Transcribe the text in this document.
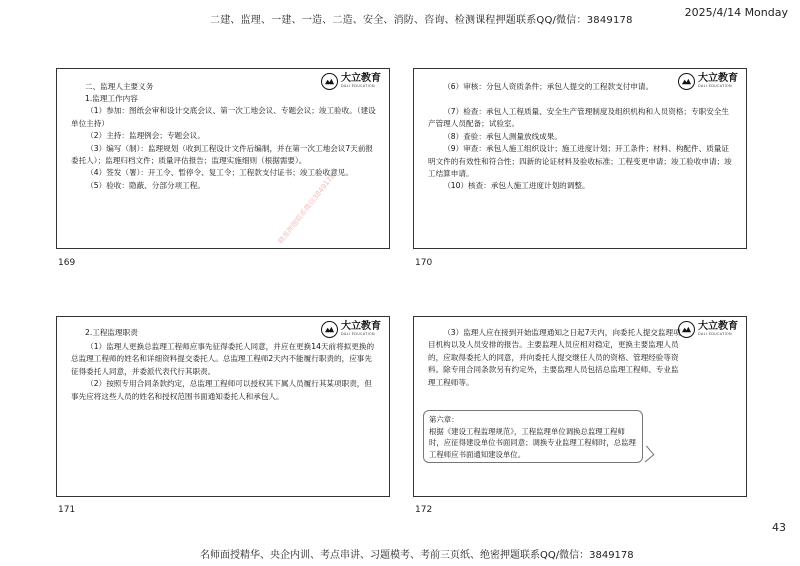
二建、监理、一建、一造、二造、安全、消防、咨询、检测课程押题联系QQ/微信：3849178
2025/4/14 Monday
大立教育
DALI EDUCATION

二、监理人主要义务

1.监理工作内容

（1）参加：图纸会审和设计交底会议、第一次工地会议、专题会议；竣工验收。（建设单位主持）

（2）主持：监理例会；专题会议。

（3）编写（制）：监理规划（收到工程设计文件后编制，并在第一次工地会议7天前报委托人）；监理归档文件；质量评估报告；监理实施细则（根据需要）。

（4）签发（署）：开工令、暂停令、复工令；工程款支付证书；竣工验收意见。

（5）验收：隐蔽、分部分项工程。

169
精准押题联系微信3849178
大立教育
DALI EDUCATION

（6）审核：分包人资质条件；承包人提交的工程款支付申请。

（7）检查：承包人工程质量、安全生产管理制度及组织机构和人员资格；专职安全生产管理人员配备；试验室。

（8）查验：承包人测量放线成果。

（9）审查：承包人施工组织设计；施工进度计划；开工条件；材料、构配件、质量证明文件的有效性和符合性；四新的论证材料及验收标准；工程变更申请；竣工验收申请；竣工结算申请。

（10）核查：承包人施工进度计划的调整。

170
大立教育
DALI EDUCATION

2.工程监理职责

（1）监理人更换总监理工程师应事先征得委托人同意，并应在更换14天前将拟更换的总监理工程师的姓名和详细资料提交委托人。总监理工程师2天内不能履行职责的，应事先征得委托人同意，并委派代表代行其职责。

（2）按照专用合同条款约定，总监理工程师可以授权其下属人员履行其某项职责，但事先应将这些人员的姓名和授权范围书面通知委托人和承包人。

171
大立教育
DALI EDUCATION

（3）监理人应在接到开始监理通知之日起7天内，向委托人提交监理项目机构以及人员安排的报告。主要监理人员应相对稳定，更换主要监理人员的，应取得委托人的同意，并向委托人提交继任人员的资格、管理经验等资料。除专用合同条款另有约定外，主要监理人员包括总监理工程师、专业监理工程师等。

第六章：

根据《建设工程监理规范》，工程监理单位调换总监理工程师时，应征得建设单位书面同意；调换专业监理工程师时，总监理工程师应书面通知建设单位。

172
43
名师面授精华、央企内训、考点串讲、习题模考、考前三页纸、绝密押题联系QQ/微信：3849178
